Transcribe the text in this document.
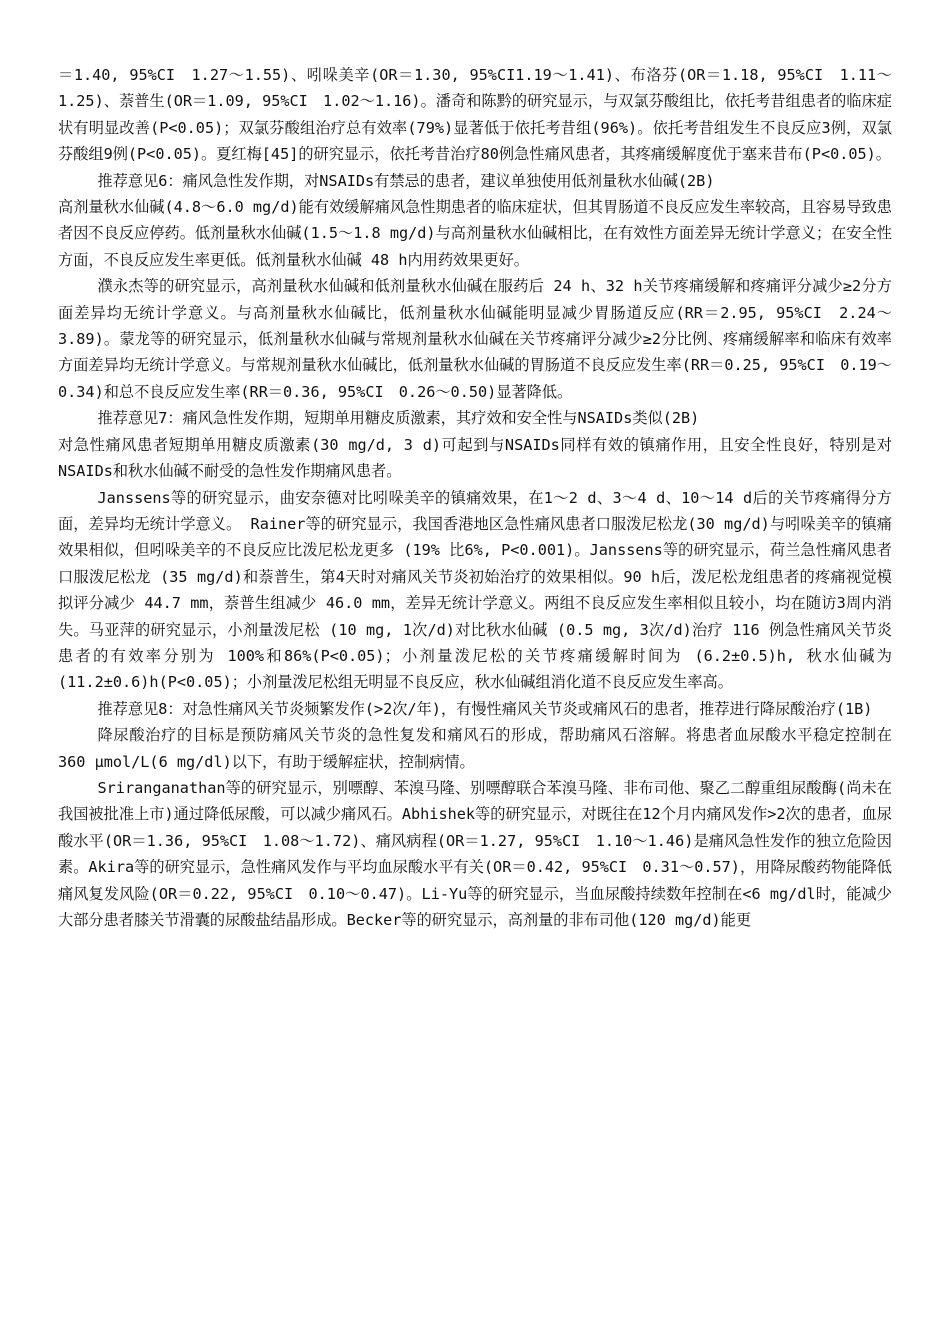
＝1.40, 95%CI　1.27～1.55)、吲哚美辛(OR＝1.30, 95%CI1.19～1.41)、布洛芬(OR＝1.18, 95%CI　1.11～1.25)、萘普生(OR＝1.09, 95%CI　1.02～1.16)。潘奇和陈黔的研究显示，与双氯芬酸组比，依托考昔组患者的临床症状有明显改善(P<0.05)；双氯芬酸组治疗总有效率(79%)显著低于依托考昔组(96%)。依托考昔组发生不良反应3例，双氯芬酸组9例(P<0.05)。夏红梅[45]的研究显示，依托考昔治疗80例急性痛风患者，其疼痛缓解度优于塞来昔布(P<0.05)。

推荐意见6：痛风急性发作期，对NSAIDs有禁忌的患者，建议单独使用低剂量秋水仙碱(2B)

高剂量秋水仙碱(4.8～6.0 mg/d)能有效缓解痛风急性期患者的临床症状，但其胃肠道不良反应发生率较高，且容易导致患者因不良反应停药。低剂量秋水仙碱(1.5～1.8 mg/d)与高剂量秋水仙碱相比，在有效性方面差异无统计学意义；在安全性方面，不良反应发生率更低。低剂量秋水仙碱 48 h内用药效果更好。

濮永杰等的研究显示，高剂量秋水仙碱和低剂量秋水仙碱在服药后 24 h、32 h关节疼痛缓解和疼痛评分减少≥2分方面差异均无统计学意义。与高剂量秋水仙碱比，低剂量秋水仙碱能明显减少胃肠道反应(RR＝2.95, 95%CI　2.24～3.89)。蒙龙等的研究显示，低剂量秋水仙碱与常规剂量秋水仙碱在关节疼痛评分减少≥2分比例、疼痛缓解率和临床有效率方面差异均无统计学意义。与常规剂量秋水仙碱比，低剂量秋水仙碱的胃肠道不良反应发生率(RR＝0.25, 95%CI　0.19～0.34)和总不良反应发生率(RR＝0.36, 95%CI　0.26～0.50)显著降低。

推荐意见7：痛风急性发作期，短期单用糖皮质激素，其疗效和安全性与NSAIDs类似(2B)

对急性痛风患者短期单用糖皮质激素(30 mg/d, 3 d)可起到与NSAIDs同样有效的镇痛作用，且安全性良好，特别是对NSAIDs和秋水仙碱不耐受的急性发作期痛风患者。

Janssens等的研究显示，曲安奈德对比吲哚美辛的镇痛效果，在1～2 d、3～4 d、10～14 d后的关节疼痛得分方面，差异均无统计学意义。 Rainer等的研究显示，我国香港地区急性痛风患者口服泼尼松龙(30 mg/d)与吲哚美辛的镇痛效果相似，但吲哚美辛的不良反应比泼尼松龙更多 (19% 比6%, P<0.001)。Janssens等的研究显示，荷兰急性痛风患者口服泼尼松龙 (35 mg/d)和萘普生，第4天时对痛风关节炎初始治疗的效果相似。90 h后，泼尼松龙组患者的疼痛视觉模拟评分减少 44.7 mm，萘普生组减少 46.0 mm，差异无统计学意义。两组不良反应发生率相似且较小，均在随访3周内消失。马亚萍的研究显示，小剂量泼尼松 (10 mg, 1次/d)对比秋水仙碱 (0.5 mg, 3次/d)治疗 116 例急性痛风关节炎患者的有效率分别为 100%和86%(P<0.05)；小剂量泼尼松的关节疼痛缓解时间为 (6.2±0.5)h, 秋水仙碱为(11.2±0.6)h(P<0.05)；小剂量泼尼松组无明显不良反应，秋水仙碱组消化道不良反应发生率高。

推荐意见8：对急性痛风关节炎频繁发作(>2次/年)，有慢性痛风关节炎或痛风石的患者，推荐进行降尿酸治疗(1B)

降尿酸治疗的目标是预防痛风关节炎的急性复发和痛风石的形成，帮助痛风石溶解。将患者血尿酸水平稳定控制在 360 μmol/L(6 mg/dl)以下，有助于缓解症状，控制病情。

Sriranganathan等的研究显示，别嘌醇、苯溴马隆、别嘌醇联合苯溴马隆、非布司他、聚乙二醇重组尿酸酶(尚未在我国被批准上市)通过降低尿酸，可以减少痛风石。Abhishek等的研究显示，对既往在12个月内痛风发作>2次的患者，血尿酸水平(OR＝1.36, 95%CI　1.08～1.72)、痛风病程(OR＝1.27, 95%CI　1.10～1.46)是痛风急性发作的独立危险因素。Akira等的研究显示，急性痛风发作与平均血尿酸水平有关(OR＝0.42, 95%CI　0.31～0.57)，用降尿酸药物能降低痛风复发风险(OR＝0.22, 95%CI　0.10～0.47)。Li-Yu等的研究显示，当血尿酸持续数年控制在<6 mg/dl时，能减少大部分患者膝关节滑囊的尿酸盐结晶形成。Becker等的研究显示，高剂量的非布司他(120 mg/d)能更
